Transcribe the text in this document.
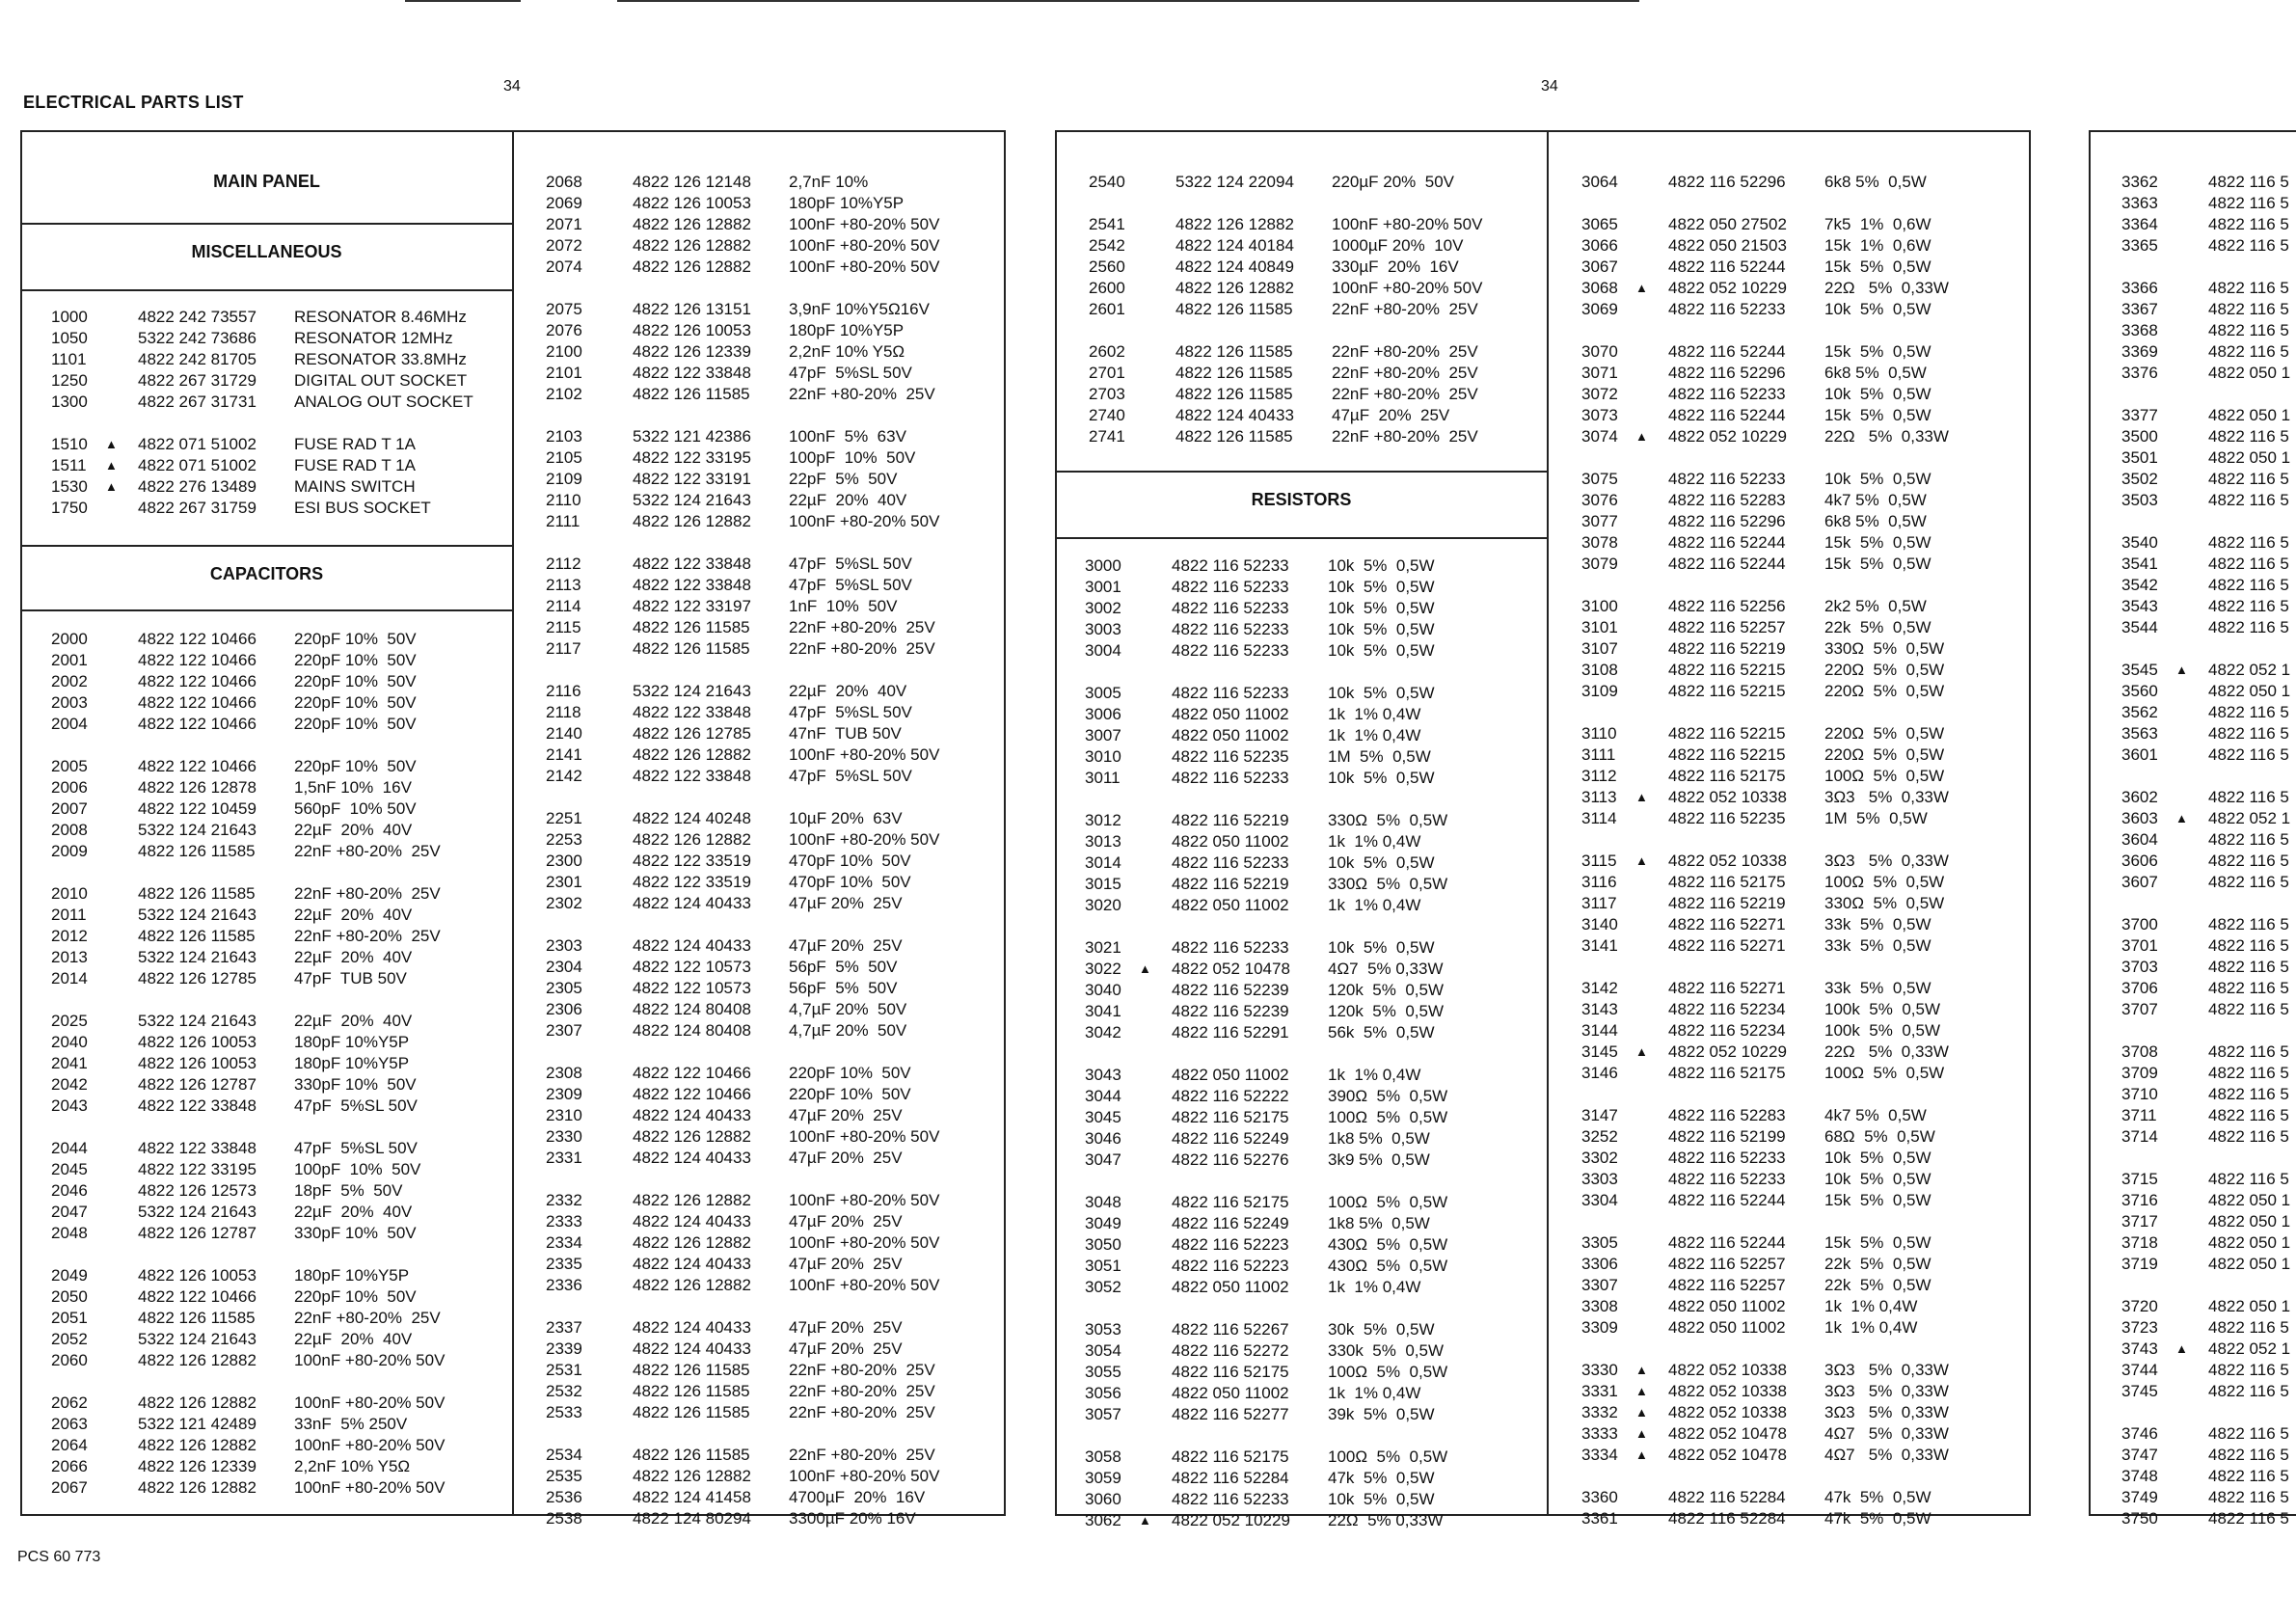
ELECTRICAL PARTS LIST
34	34
PCS 60 773
MAIN PANEL
MISCELLANEOUS
CAPACITORS
RESISTORS
1000	4822 242 73557	RESONATOR 8.46MHz
1050	5322 242 73686	RESONATOR 12MHz
1101	4822 242 81705	RESONATOR 33.8MHz
1250	4822 267 31729	DIGITAL OUT SOCKET
1300	4822 267 31731	ANALOG OUT SOCKET
1510	▲	4822 071 51002	FUSE RAD T 1A
1511	▲	4822 071 51002	FUSE RAD T 1A
1530	▲	4822 276 13489	MAINS SWITCH
1750	4822 267 31759	ESI BUS SOCKET
2000	4822 122 10466	220pF 10%  50V
2001	4822 122 10466	220pF 10%  50V
2002	4822 122 10466	220pF 10%  50V
2003	4822 122 10466	220pF 10%  50V
2004	4822 122 10466	220pF 10%  50V
2005	4822 122 10466	220pF 10%  50V
2006	4822 126 12878	1,5nF 10%  16V
2007	4822 122 10459	560pF  10% 50V
2008	5322 124 21643	22µF  20%  40V
2009	4822 126 11585	22nF +80-20%  25V
2010	4822 126 11585	22nF +80-20%  25V
2011	5322 124 21643	22µF  20%  40V
2012	4822 126 11585	22nF +80-20%  25V
2013	5322 124 21643	22µF  20%  40V
2014	4822 126 12785	47pF  TUB 50V
2025	5322 124 21643	22µF  20%  40V
2040	4822 126 10053	180pF 10%Y5P
2041	4822 126 10053	180pF 10%Y5P
2042	4822 126 12787	330pF 10%  50V
2043	4822 122 33848	47pF  5%SL 50V
2044	4822 122 33848	47pF  5%SL 50V
2045	4822 122 33195	100pF  10%  50V
2046	4822 126 12573	18pF  5%  50V
2047	5322 124 21643	22µF  20%  40V
2048	4822 126 12787	330pF 10%  50V
2049	4822 126 10053	180pF 10%Y5P
2050	4822 122 10466	220pF 10%  50V
2051	4822 126 11585	22nF +80-20%  25V
2052	5322 124 21643	22µF  20%  40V
2060	4822 126 12882	100nF +80-20% 50V
2062	4822 126 12882	100nF +80-20% 50V
2063	5322 121 42489	33nF  5% 250V
2064	4822 126 12882	100nF +80-20% 50V
2066	4822 126 12339	2,2nF 10% Y5Ω
2067	4822 126 12882	100nF +80-20% 50V
2068	4822 126 12148	2,7nF 10%
2069	4822 126 10053	180pF 10%Y5P
2071	4822 126 12882	100nF +80-20% 50V
2072	4822 126 12882	100nF +80-20% 50V
2074	4822 126 12882	100nF +80-20% 50V
2075	4822 126 13151	3,9nF 10%Y5Ω16V
2076	4822 126 10053	180pF 10%Y5P
2100	4822 126 12339	2,2nF 10% Y5Ω
2101	4822 122 33848	47pF  5%SL 50V
2102	4822 126 11585	22nF +80-20%  25V
2103	5322 121 42386	100nF  5%  63V
2105	4822 122 33195	100pF  10%  50V
2109	4822 122 33191	22pF  5%  50V
2110	5322 124 21643	22µF  20%  40V
2111	4822 126 12882	100nF +80-20% 50V
2112	4822 122 33848	47pF  5%SL 50V
2113	4822 122 33848	47pF  5%SL 50V
2114	4822 122 33197	1nF  10%  50V
2115	4822 126 11585	22nF +80-20%  25V
2117	4822 126 11585	22nF +80-20%  25V
2116	5322 124 21643	22µF  20%  40V
2118	4822 122 33848	47pF  5%SL 50V
2140	4822 126 12785	47nF  TUB 50V
2141	4822 126 12882	100nF +80-20% 50V
2142	4822 122 33848	47pF  5%SL 50V
2251	4822 124 40248	10µF 20%  63V
2253	4822 126 12882	100nF +80-20% 50V
2300	4822 122 33519	470pF 10%  50V
2301	4822 122 33519	470pF 10%  50V
2302	4822 124 40433	47µF 20%  25V
2303	4822 124 40433	47µF 20%  25V
2304	4822 122 10573	56pF  5%  50V
2305	4822 122 10573	56pF  5%  50V
2306	4822 124 80408	4,7µF 20%  50V
2307	4822 124 80408	4,7µF 20%  50V
2308	4822 122 10466	220pF 10%  50V
2309	4822 122 10466	220pF 10%  50V
2310	4822 124 40433	47µF 20%  25V
2330	4822 126 12882	100nF +80-20% 50V
2331	4822 124 40433	47µF 20%  25V
2332	4822 126 12882	100nF +80-20% 50V
2333	4822 124 40433	47µF 20%  25V
2334	4822 126 12882	100nF +80-20% 50V
2335	4822 124 40433	47µF 20%  25V
2336	4822 126 12882	100nF +80-20% 50V
2337	4822 124 40433	47µF 20%  25V
2339	4822 124 40433	47µF 20%  25V
2531	4822 126 11585	22nF +80-20%  25V
2532	4822 126 11585	22nF +80-20%  25V
2533	4822 126 11585	22nF +80-20%  25V
2534	4822 126 11585	22nF +80-20%  25V
2535	4822 126 12882	100nF +80-20% 50V
2536	4822 124 41458	4700µF  20%  16V
2538	4822 124 80294	3300µF 20% 16V
2540	5322 124 22094	220µF 20%  50V
2541	4822 126 12882	100nF +80-20% 50V
2542	4822 124 40184	1000µF 20%  10V
2560	4822 124 40849	330µF  20%  16V
2600	4822 126 12882	100nF +80-20% 50V
2601	4822 126 11585	22nF +80-20%  25V
2602	4822 126 11585	22nF +80-20%  25V
2701	4822 126 11585	22nF +80-20%  25V
2703	4822 126 11585	22nF +80-20%  25V
2740	4822 124 40433	47µF  20%  25V
2741	4822 126 11585	22nF +80-20%  25V
3000	4822 116 52233	10k  5%  0,5W
3001	4822 116 52233	10k  5%  0,5W
3002	4822 116 52233	10k  5%  0,5W
3003	4822 116 52233	10k  5%  0,5W
3004	4822 116 52233	10k  5%  0,5W
3005	4822 116 52233	10k  5%  0,5W
3006	4822 050 11002	1k  1% 0,4W
3007	4822 050 11002	1k  1% 0,4W
3010	4822 116 52235	1M  5%  0,5W
3011	4822 116 52233	10k  5%  0,5W
3012	4822 116 52219	330Ω  5%  0,5W
3013	4822 050 11002	1k  1% 0,4W
3014	4822 116 52233	10k  5%  0,5W
3015	4822 116 52219	330Ω  5%  0,5W
3020	4822 050 11002	1k  1% 0,4W
3021	4822 116 52233	10k  5%  0,5W
3022	▲	4822 052 10478	4Ω7  5% 0,33W
3040	4822 116 52239	120k  5%  0,5W
3041	4822 116 52239	120k  5%  0,5W
3042	4822 116 52291	56k  5%  0,5W
3043	4822 050 11002	1k  1% 0,4W
3044	4822 116 52222	390Ω  5%  0,5W
3045	4822 116 52175	100Ω  5%  0,5W
3046	4822 116 52249	1k8 5%  0,5W
3047	4822 116 52276	3k9 5%  0,5W
3048	4822 116 52175	100Ω  5%  0,5W
3049	4822 116 52249	1k8 5%  0,5W
3050	4822 116 52223	430Ω  5%  0,5W
3051	4822 116 52223	430Ω  5%  0,5W
3052	4822 050 11002	1k  1% 0,4W
3053	4822 116 52267	30k  5%  0,5W
3054	4822 116 52272	330k  5%  0,5W
3055	4822 116 52175	100Ω  5%  0,5W
3056	4822 050 11002	1k  1% 0,4W
3057	4822 116 52277	39k  5%  0,5W
3058	4822 116 52175	100Ω  5%  0,5W
3059	4822 116 52284	47k  5%  0,5W
3060	4822 116 52233	10k  5%  0,5W
3062	▲	4822 052 10229	22Ω  5% 0,33W
3064	4822 116 52296	6k8 5%  0,5W
3065	4822 050 27502	7k5  1%  0,6W
3066	4822 050 21503	15k  1%  0,6W
3067	4822 116 52244	15k  5%  0,5W
3068	▲	4822 052 10229	22Ω   5%  0,33W
3069	4822 116 52233	10k  5%  0,5W
3070	4822 116 52244	15k  5%  0,5W
3071	4822 116 52296	6k8 5%  0,5W
3072	4822 116 52233	10k  5%  0,5W
3073	4822 116 52244	15k  5%  0,5W
3074	▲	4822 052 10229	22Ω   5%  0,33W
3075	4822 116 52233	10k  5%  0,5W
3076	4822 116 52283	4k7 5%  0,5W
3077	4822 116 52296	6k8 5%  0,5W
3078	4822 116 52244	15k  5%  0,5W
3079	4822 116 52244	15k  5%  0,5W
3100	4822 116 52256	2k2 5%  0,5W
3101	4822 116 52257	22k  5%  0,5W
3107	4822 116 52219	330Ω  5%  0,5W
3108	4822 116 52215	220Ω  5%  0,5W
3109	4822 116 52215	220Ω  5%  0,5W
3110	4822 116 52215	220Ω  5%  0,5W
3111	4822 116 52215	220Ω  5%  0,5W
3112	4822 116 52175	100Ω  5%  0,5W
3113	▲	4822 052 10338	3Ω3   5%  0,33W
3114	4822 116 52235	1M  5%  0,5W
3115	▲	4822 052 10338	3Ω3   5%  0,33W
3116	4822 116 52175	100Ω  5%  0,5W
3117	4822 116 52219	330Ω  5%  0,5W
3140	4822 116 52271	33k  5%  0,5W
3141	4822 116 52271	33k  5%  0,5W
3142	4822 116 52271	33k  5%  0,5W
3143	4822 116 52234	100k  5%  0,5W
3144	4822 116 52234	100k  5%  0,5W
3145	▲	4822 052 10229	22Ω   5%  0,33W
3146	4822 116 52175	100Ω  5%  0,5W
3147	4822 116 52283	4k7 5%  0,5W
3252	4822 116 52199	68Ω  5%  0,5W
3302	4822 116 52233	10k  5%  0,5W
3303	4822 116 52233	10k  5%  0,5W
3304	4822 116 52244	15k  5%  0,5W
3305	4822 116 52244	15k  5%  0,5W
3306	4822 116 52257	22k  5%  0,5W
3307	4822 116 52257	22k  5%  0,5W
3308	4822 050 11002	1k  1% 0,4W
3309	4822 050 11002	1k  1% 0,4W
3330	▲	4822 052 10338	3Ω3   5%  0,33W
3331	▲	4822 052 10338	3Ω3   5%  0,33W
3332	▲	4822 052 10338	3Ω3   5%  0,33W
3333	▲	4822 052 10478	4Ω7   5%  0,33W
3334	▲	4822 052 10478	4Ω7   5%  0,33W
3360	4822 116 52284	47k  5%  0,5W
3361	4822 116 52284	47k  5%  0,5W
3362	4822 116 5
3363	4822 116 5
3364	4822 116 5
3365	4822 116 5
3366	4822 116 5
3367	4822 116 5
3368	4822 116 5
3369	4822 116 5
3376	4822 050 1
3377	4822 050 1
3500	4822 116 5
3501	4822 050 1
3502	4822 116 5
3503	4822 116 5
3540	4822 116 5
3541	4822 116 5
3542	4822 116 5
3543	4822 116 5
3544	4822 116 5
3545	▲	4822 052 1
3560	4822 050 1
3562	4822 116 5
3563	4822 116 5
3601	4822 116 5
3602	4822 116 5
3603	▲	4822 052 1
3604	4822 116 5
3606	4822 116 5
3607	4822 116 5
3700	4822 116 5
3701	4822 116 5
3703	4822 116 5
3706	4822 116 5
3707	4822 116 5
3708	4822 116 5
3709	4822 116 5
3710	4822 116 5
3711	4822 116 5
3714	4822 116 5
3715	4822 116 5
3716	4822 050 1
3717	4822 050 1
3718	4822 050 1
3719	4822 050 1
3720	4822 050 1
3723	4822 116 5
3743	▲	4822 052 1
3744	4822 116 5
3745	4822 116 5
3746	4822 116 5
3747	4822 116 5
3748	4822 116 5
3749	4822 116 5
3750	4822 116 5
